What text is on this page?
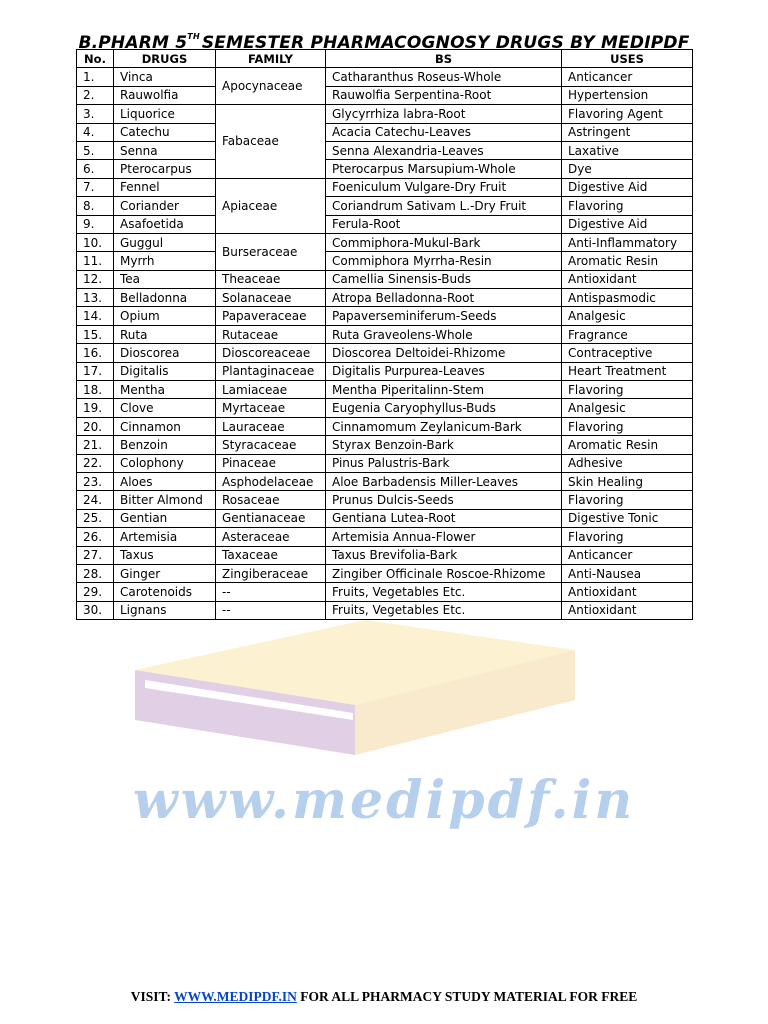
B.PHARM 5TH SEMESTER PHARMACOGNOSY DRUGS BY MEDIPDF
www.medipdf.in
No.	DRUGS	FAMILY	BS	USES
1.	Vinca	Apocynaceae	Catharanthus Roseus-Whole	Anticancer
2.	Rauwolfia		Rauwolfia Serpentina-Root	Hypertension
3.	Liquorice	Fabaceae	Glycyrrhiza labra-Root	Flavoring Agent
4.	Catechu		Acacia Catechu-Leaves	Astringent
5.	Senna		Senna Alexandria-Leaves	Laxative
6.	Pterocarpus		Pterocarpus Marsupium-Whole	Dye
7.	Fennel	Apiaceae	Foeniculum Vulgare-Dry Fruit	Digestive Aid
8.	Coriander		Coriandrum Sativam L.-Dry Fruit	Flavoring
9.	Asafoetida		Ferula-Root	Digestive Aid
10.	Guggul	Burseraceae	Commiphora-Mukul-Bark	Anti-Inflammatory
11.	Myrrh		Commiphora Myrrha-Resin	Aromatic Resin
12.	Tea	Theaceae	Camellia Sinensis-Buds	Antioxidant
13.	Belladonna	Solanaceae	Atropa Belladonna-Root	Antispasmodic
14.	Opium	Papaveraceae	Papaverseminiferum-Seeds	Analgesic
15.	Ruta	Rutaceae	Ruta Graveolens-Whole	Fragrance
16.	Dioscorea	Dioscoreaceae	Dioscorea Deltoidei-Rhizome	Contraceptive
17.	Digitalis	Plantaginaceae	Digitalis Purpurea-Leaves	Heart Treatment
18.	Mentha	Lamiaceae	Mentha Piperitalinn-Stem	Flavoring
19.	Clove	Myrtaceae	Eugenia Caryophyllus-Buds	Analgesic
20.	Cinnamon	Lauraceae	Cinnamomum Zeylanicum-Bark	Flavoring
21.	Benzoin	Styracaceae	Styrax Benzoin-Bark	Aromatic Resin
22.	Colophony	Pinaceae	Pinus Palustris-Bark	Adhesive
23.	Aloes	Asphodelaceae	Aloe Barbadensis Miller-Leaves	Skin Healing
24.	Bitter Almond	Rosaceae	Prunus Dulcis-Seeds	Flavoring
25.	Gentian	Gentianaceae	Gentiana Lutea-Root	Digestive Tonic
26.	Artemisia	Asteraceae	Artemisia Annua-Flower	Flavoring
27.	Taxus	Taxaceae	Taxus Brevifolia-Bark	Anticancer
28.	Ginger	Zingiberaceae	Zingiber Officinale Roscoe-Rhizome	Anti-Nausea
29.	Carotenoids	--	Fruits, Vegetables Etc.	Antioxidant
30.	Lignans	--	Fruits, Vegetables Etc.	Antioxidant
VISIT: WWW.MEDIPDF.IN FOR ALL PHARMACY STUDY MATERIAL FOR FREE
